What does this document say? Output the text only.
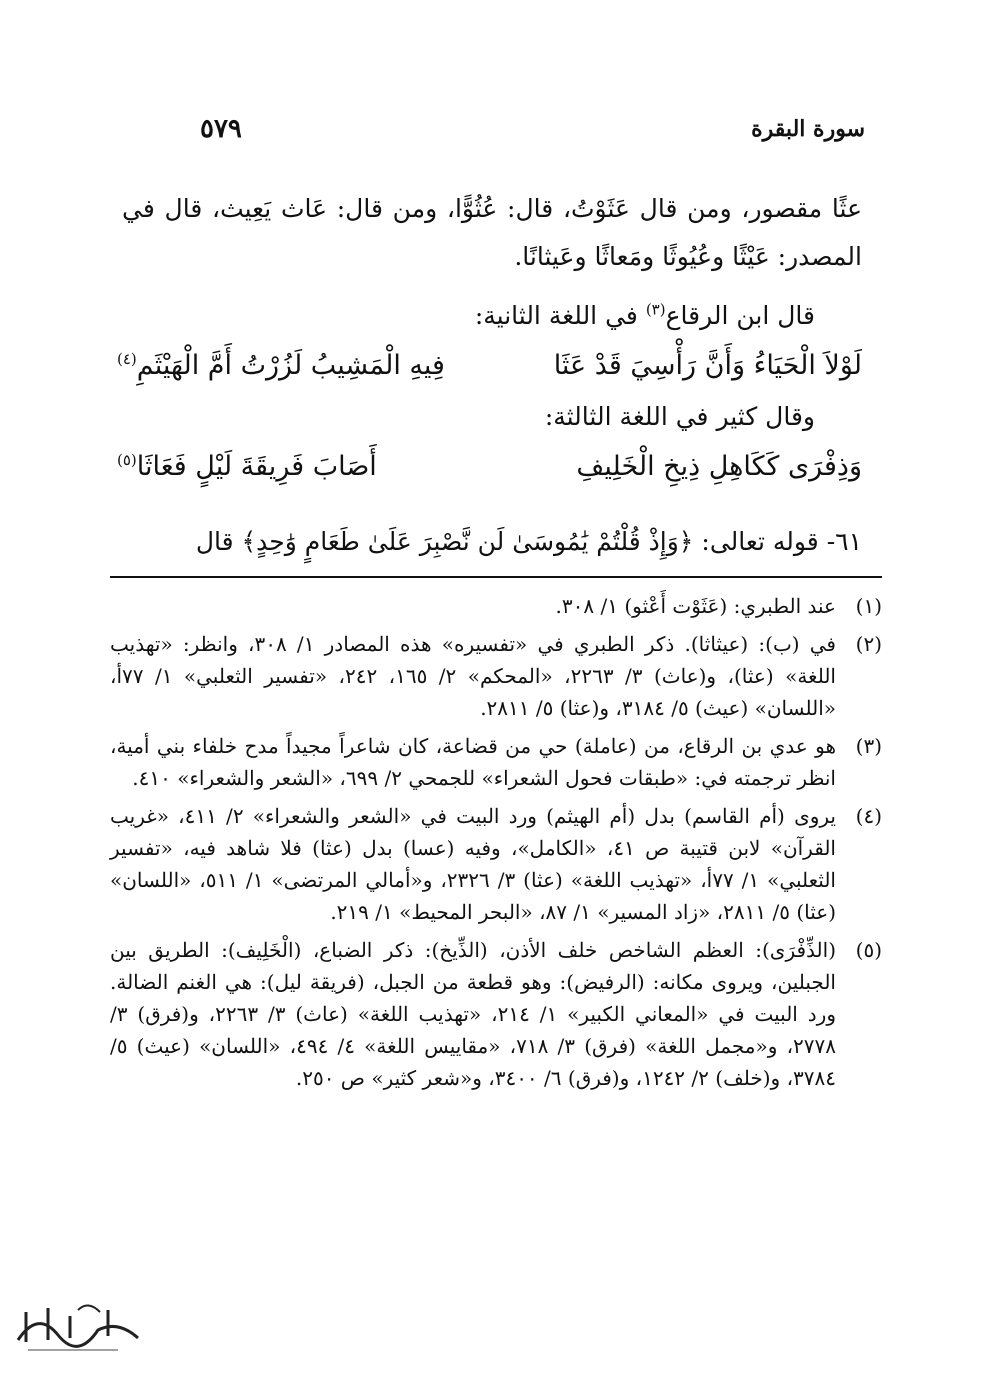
سورة البقرة
٥٧٩
عثًا مقصور، ومن قال عَثَوْتُ، قال: عُثُوًّا، ومن قال: عَاث يَعِيث، قال في المصدر: عَيْثًا وعُيُوثًا ومَعاثًا وعَيثانًا.
قال ابن الرقاع$^{(٣)}$ في اللغة الثانية:
لَوْلاَ الْحَيَاءُ وَأَنَّ رَأْسِيَ قَدْ عَثَا
فِيهِ الْمَشِيبُ لَزُرْتُ أَمَّ الْهَيْثَمِ$^{(٤)}$
وقال كثير في اللغة الثالثة:
وَذِفْرَى كَكَاهِلِ ذِيخِ الْخَلِيفِ
أَصَابَ فَرِيقَةَ لَيْلٍ فَعَاثَا$^{(٥)}$
٦١- قوله تعالى: ﴿وَإِذْ قُلْتُمْ يَٰمُوسَىٰ لَن نَّصْبِرَ عَلَىٰ طَعَامٍ وَٰحِدٍ﴾ قال
(١)
عند الطبري: (عَثَوْت أَعْثو) ١/ ٣٠٨.
(٢)
في (ب): (عيثاثا). ذكر الطبري في «تفسيره» هذه المصادر ١/ ٣٠٨، وانظر: «تهذيب اللغة» (عثا)، و(عاث) ٣/ ٢٢٦٣، «المحكم» ٢/ ١٦٥، ٢٤٢، «تفسير الثعلبي» ١/ ٧٧أ، «اللسان» (عيث) ٥/ ٣١٨٤، و(عثا) ٥/ ٢٨١١.
(٣)
هو عدي بن الرقاع، من (عاملة) حي من قضاعة، كان شاعراً مجيداً مدح خلفاء بني أمية، انظر ترجمته في: «طبقات فحول الشعراء» للجمحي ٢/ ٦٩٩، «الشعر والشعراء» ٤١٠.
(٤)
يروى (أم القاسم) بدل (أم الهيثم) ورد البيت في «الشعر والشعراء» ٢/ ٤١١، «غريب القرآن» لابن قتيبة ص ٤١، «الكامل»، وفيه (عسا) بدل (عثا) فلا شاهد فيه، «تفسير الثعلبي» ١/ ٧٧أ، «تهذيب اللغة» (عثا) ٣/ ٢٣٢٦، و«أمالي المرتضى» ١/ ٥١١، «اللسان» (عثا) ٥/ ٢٨١١، «زاد المسير» ١/ ٨٧، «البحر المحيط» ١/ ٢١٩.
(٥)
(الذِّفْرَى): العظم الشاخص خلف الأذن، (الذِّيخ): ذكر الضباع، (الْخَلِيف): الطريق بين الجبلين، ويروى مكانه: (الرفيض): وهو قطعة من الجبل، (فريقة ليل): هي الغنم الضالة. ورد البيت في «المعاني الكبير» ١/ ٢١٤، «تهذيب اللغة» (عاث) ٣/ ٢٢٦٣، و(فرق) ٣/ ٢٧٧٨، و«مجمل اللغة» (فرق) ٣/ ٧١٨، «مقاييس اللغة» ٤/ ٤٩٤، «اللسان» (عيث) ٥/ ٣٧٨٤، و(خلف) ٢/ ١٢٤٢، و(فرق) ٦/ ٣٤٠٠، و«شعر كثير» ص ٢٥٠.
